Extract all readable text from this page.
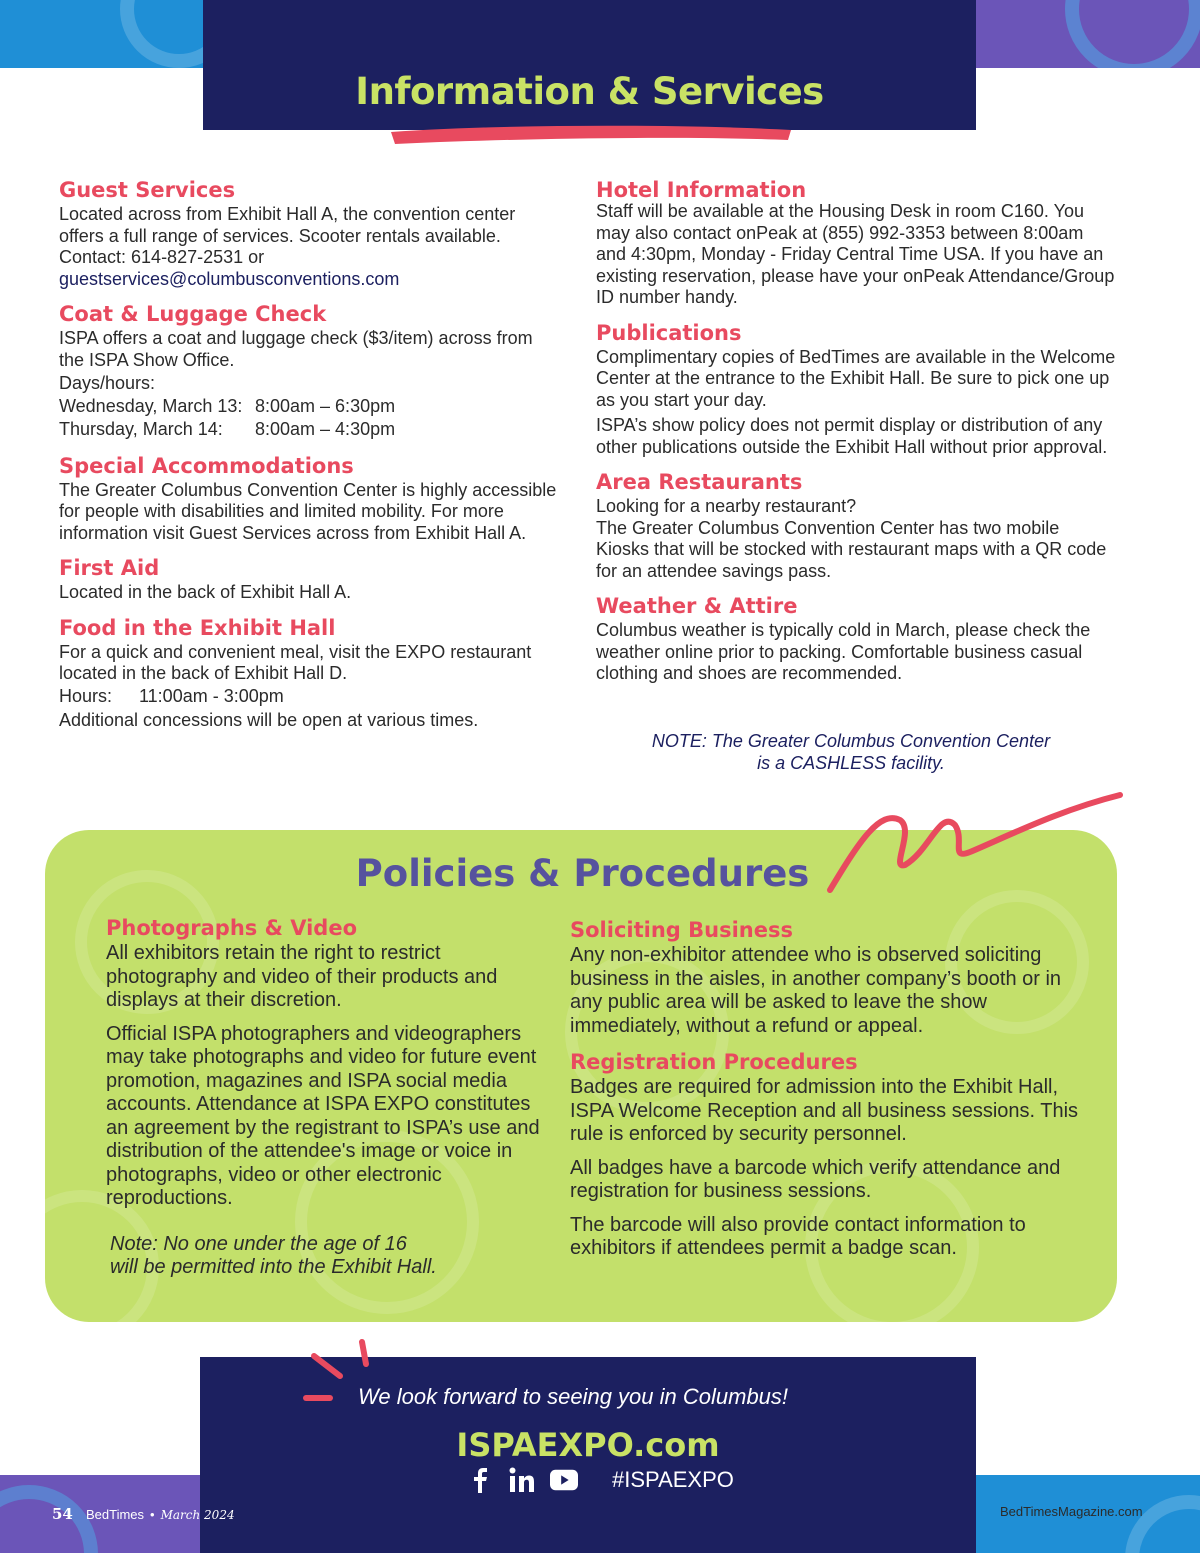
Information & Services
Guest Services

Located across from Exhibit Hall A, the convention center offers a full range of services. Scooter rentals available.

Contact: 614-827-2531 or

guestservices@columbusconventions.com

Coat & Luggage Check

ISPA offers a coat and luggage check ($3/item) across from the ISPA Show Office.

Days/hours:

Wednesday, March 13: 8:00am – 6:30pm
Thursday, March 14:	8:00am – 4:30pm
Special Accommodations

The Greater Columbus Convention Center is highly accessible for people with disabilities and limited mobility. For more information visit Guest Services across from Exhibit Hall A.

First Aid

Located in the back of Exhibit Hall A.

Food in the Exhibit Hall

For a quick and convenient meal, visit the EXPO restaurant located in the back of Exhibit Hall D.

Hours:	11:00am - 3:00pm

Additional concessions will be open at various times.

Hotel Information

Staff will be available at the Housing Desk in room C160. You may also contact onPeak at (855) 992-3353 between 8:00am and 4:30pm, Monday - Friday Central Time USA. If you have an existing reservation, please have your onPeak Attendance/Group ID number handy.

Publications

Complimentary copies of BedTimes are available in the Welcome Center at the entrance to the Exhibit Hall. Be sure to pick one up as you start your day.

ISPA’s show policy does not permit display or distribution of any other publications outside the Exhibit Hall without prior approval.

Area Restaurants

Looking for a nearby restaurant?

The Greater Columbus Convention Center has two mobile Kiosks that will be stocked with restaurant maps with a QR code for an attendee savings pass.

Weather & Attire

Columbus weather is typically cold in March, please check the weather online prior to packing. Comfortable business casual clothing and shoes are recommended.

NOTE: The Greater Columbus Convention Center
is a CASHLESS facility.
Policies & Procedures
Photographs & Video

All exhibitors retain the right to restrict photography and video of their products and displays at their discretion.

Official ISPA photographers and videographers may take photographs and video for future event promotion, magazines and ISPA social media accounts. Attendance at ISPA EXPO constitutes an agreement by the registrant to ISPA’s use and distribution of the attendee's image or voice in photographs, video or other electronic reproductions.

Note: No one under the age of 16
will be permitted into the Exhibit Hall.
Soliciting Business

Any non-exhibitor attendee who is observed soliciting business in the aisles, in another company’s booth or in any public area will be asked to leave the show immediately, without a refund or appeal.

Registration Procedures

Badges are required for admission into the Exhibit Hall, ISPA Welcome Reception and all business sessions. This rule is enforced by security personnel.

All badges have a barcode which verify attendance and registration for business sessions.

The barcode will also provide contact information to exhibitors if attendees permit a badge scan.

We look forward to seeing you in Columbus!
ISPAEXPO.com
#ISPAEXPO
54 BedTimes • March 2024	BedTimesMagazine.com
